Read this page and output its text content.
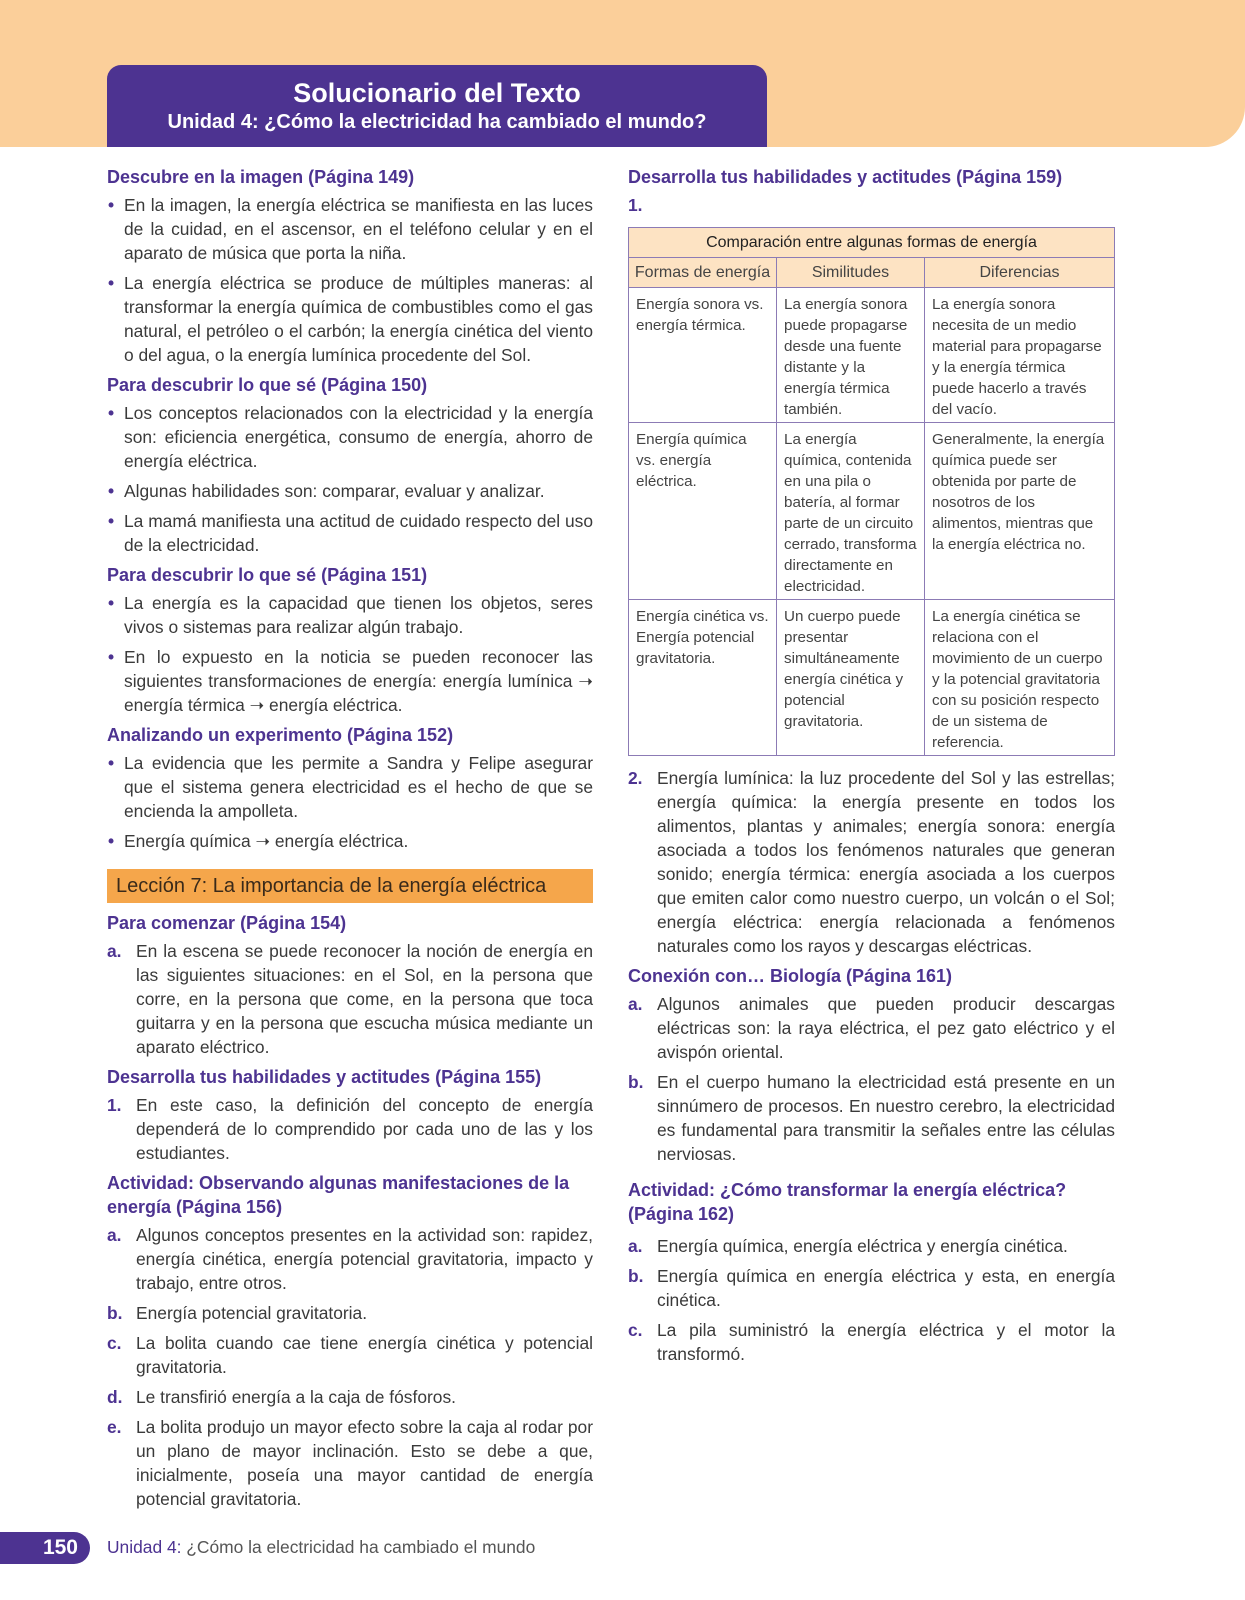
Solucionario del Texto
Unidad 4: ¿Cómo la electricidad ha cambiado el mundo?
Descubre en la imagen (Página 149)
• En la imagen, la energía eléctrica se manifiesta en las luces de la cuidad, en el ascensor, en el teléfono celular y en el aparato de música que porta la niña.
• La energía eléctrica se produce de múltiples maneras: al transformar la energía química de combustibles como el gas natural, el petróleo o el carbón; la energía cinética del viento o del agua, o la energía lumínica procedente del Sol.
Para descubrir lo que sé (Página 150)
• Los conceptos relacionados con la electricidad y la energía son: eficiencia energética, consumo de energía, ahorro de energía eléctrica.
• Algunas habilidades son: comparar, evaluar y analizar.
• La mamá manifiesta una actitud de cuidado respecto del uso de la electricidad.
Para descubrir lo que sé (Página 151)
• La energía es la capacidad que tienen los objetos, seres vivos o sistemas para realizar algún trabajo.
• En lo expuesto en la noticia se pueden reconocer las siguientes transformaciones de energía: energía lumínica ➝ energía térmica ➝ energía eléctrica.
Analizando un experimento (Página 152)
• La evidencia que les permite a Sandra y Felipe asegurar que el sistema genera electricidad es el hecho de que se encienda la ampolleta.
• Energía química ➝ energía eléctrica.
Lección 7: La importancia de la energía eléctrica
Para comenzar (Página 154)
a. En la escena se puede reconocer la noción de energía en las siguientes situaciones: en el Sol, en la persona que corre, en la persona que come, en la persona que toca guitarra y en la persona que escucha música mediante un aparato eléctrico.
Desarrolla tus habilidades y actitudes (Página 155)
1. En este caso, la definición del concepto de energía dependerá de lo comprendido por cada uno de las y los estudiantes.
Actividad: Observando algunas manifestaciones de la energía (Página 156)
a. Algunos conceptos presentes en la actividad son: rapidez, energía cinética, energía potencial gravitatoria, impacto y trabajo, entre otros.
b. Energía potencial gravitatoria.
c. La bolita cuando cae tiene energía cinética y potencial gravitatoria.
d. Le transfirió energía a la caja de fósforos.
e. La bolita produjo un mayor efecto sobre la caja al rodar por un plano de mayor inclinación. Esto se debe a que, inicialmente, poseía una mayor cantidad de energía potencial gravitatoria.
Desarrolla tus habilidades y actitudes (Página 159)
1.
Comparación entre algunas formas de energía		
Formas de energía	Similitudes	Diferencias
Energía sonora vs. energía térmica.	La energía sonora puede propagarse desde una fuente distante y la energía térmica también.	La energía sonora necesita de un medio material para propagarse y la energía térmica puede hacerlo a través del vacío.
Energía química vs. energía eléctrica.	La energía química, contenida en una pila o batería, al formar parte de un circuito cerrado, transforma directamente en electricidad.	Generalmente, la energía química puede ser obtenida por parte de nosotros de los alimentos, mientras que la energía eléctrica no.
Energía cinética vs. Energía potencial gravitatoria.	Un cuerpo puede presentar simultáneamente energía cinética y potencial gravitatoria.	La energía cinética se relaciona con el movimiento de un cuerpo y la potencial gravitatoria con su posición respecto de un sistema de referencia.
2. Energía lumínica: la luz procedente del Sol y las estrellas; energía química: la energía presente en todos los alimentos, plantas y animales; energía sonora: energía asociada a todos los fenómenos naturales que generan sonido; energía térmica: energía asociada a los cuerpos que emiten calor como nuestro cuerpo, un volcán o el Sol; energía eléctrica: energía relacionada a fenómenos naturales como los rayos y descargas eléctricas.
Conexión con… Biología (Página 161)
a. Algunos animales que pueden producir descargas eléctricas son: la raya eléctrica, el pez gato eléctrico y el avispón oriental.
b. En el cuerpo humano la electricidad está presente en un sinnúmero de procesos. En nuestro cerebro, la electricidad es fundamental para transmitir la señales entre las células nerviosas.
Actividad: ¿Cómo transformar la energía eléctrica? (Página 162)
a. Energía química, energía eléctrica y energía cinética.
b. Energía química en energía eléctrica y esta, en energía cinética.
c. La pila suministró la energía eléctrica y el motor la transformó.
150	Unidad 4: ¿Cómo la electricidad ha cambiado el mundo
